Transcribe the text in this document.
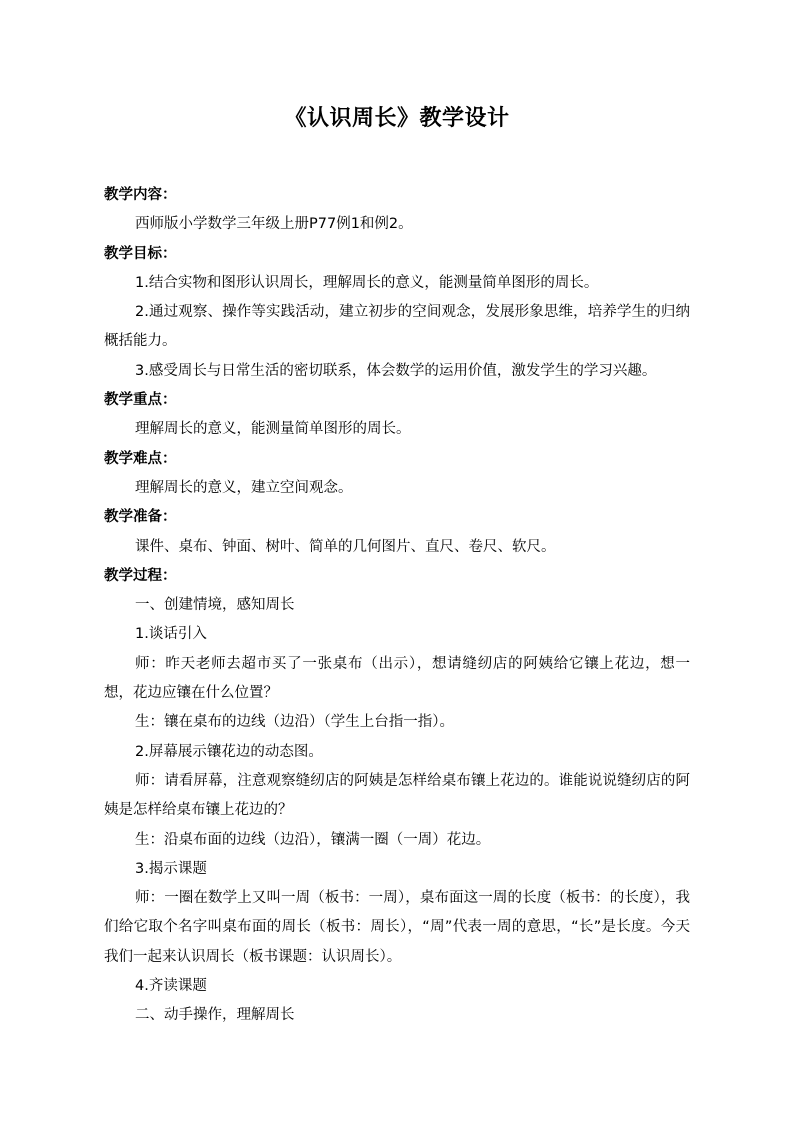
《认识周长》教学设计

教学内容：

西师版小学数学三年级上册P77例1和例2。

教学目标：

1.结合实物和图形认识周长，理解周长的意义，能测量简单图形的周长。

2.通过观察、操作等实践活动，建立初步的空间观念，发展形象思维，培养学生的归纳概括能力。

3.感受周长与日常生活的密切联系，体会数学的运用价值，激发学生的学习兴趣。

教学重点：

理解周长的意义，能测量简单图形的周长。

教学难点：

理解周长的意义，建立空间观念。

教学准备：

课件、桌布、钟面、树叶、简单的几何图片、直尺、卷尺、软尺。

教学过程：

一、创建情境，感知周长

1.谈话引入

师：昨天老师去超市买了一张桌布（出示），想请缝纫店的阿姨给它镶上花边，想一想，花边应镶在什么位置？

生：镶在桌布的边线（边沿）（学生上台指一指）。

2.屏幕展示镶花边的动态图。

师：请看屏幕，注意观察缝纫店的阿姨是怎样给桌布镶上花边的。谁能说说缝纫店的阿姨是怎样给桌布镶上花边的？

生：沿桌布面的边线（边沿），镶满一圈（一周）花边。

3.揭示课题

师：一圈在数学上又叫一周（板书：一周），桌布面这一周的长度（板书：的长度），我们给它取个名字叫桌布面的周长（板书：周长），“周”代表一周的意思，“长”是长度。今天我们一起来认识周长（板书课题：认识周长）。

4.齐读课题

二、动手操作，理解周长
